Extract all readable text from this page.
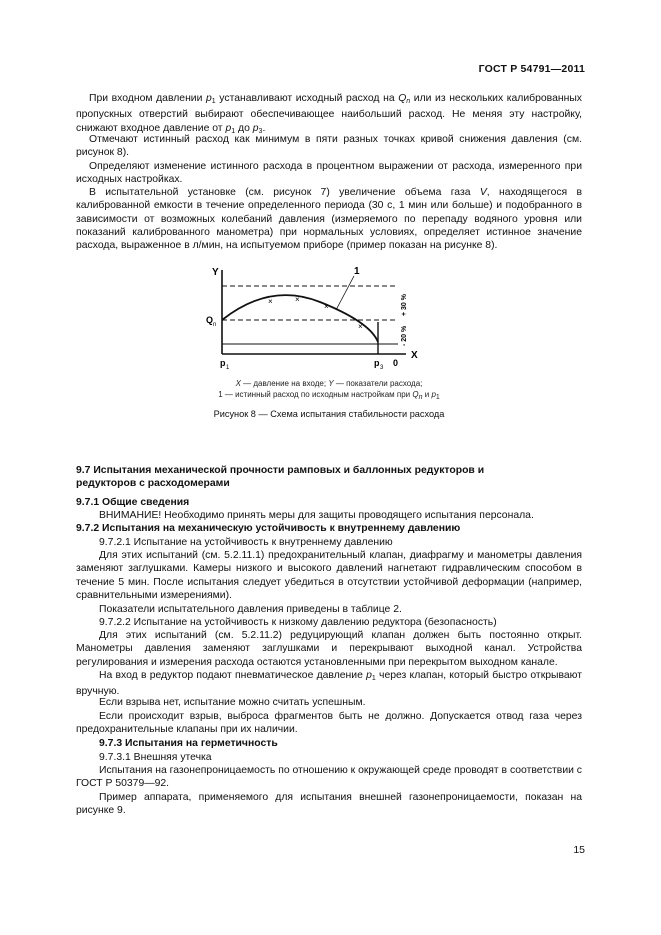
ГОСТ Р 54791—2011
При входном давлении $p_1$ устанавливают исходный расход на $Q_n$ или из нескольких калиброванных пропускных отверстий выбирают обеспечивающее наибольший расход. Не меняя эту настройку, снижают входное давление от $p_1$ до $p_3$.
Отмечают истинный расход как минимум в пяти разных точках кривой снижения давления (см. рисунок 8).
Определяют изменение истинного расхода в процентном выражении от расхода, измеренного при исходных настройках.
В испытательной установке (см. рисунок 7) увеличение объема газа V, находящегося в калиброванной емкости в течение определенного периода (30 с, 1 мин или больше) и подобранного в зависимости от возможных колебаний давления (измеряемого по перепаду водяного уровня или показаний калиброванного манометра) при нормальных условиях, определяет истинное значение расхода, выраженное в л/мин, на испытуемом приборе (пример показан на рисунке 8).
×	×
×
×
1
Y
X
Q n
p 1	p 3 0
+ 30 %
- 20 %
X — давление на входе; Y — показатели расхода;
1 — истинный расход по исходным настройкам при Qn и p1
Рисунок 8 — Схема испытания стабильности расхода
9.7 Испытания механической прочности рамповых и баллонных редукторов и редукторов с расходомерами
9.7.1 Общие сведения
ВНИМАНИЕ! Необходимо принять меры для защиты проводящего испытания персонала.
9.7.2 Испытания на механическую устойчивость к внутреннему давлению
9.7.2.1 Испытание на устойчивость к внутреннему давлению
Для этих испытаний (см. 5.2.11.1) предохранительный клапан, диафрагму и манометры давления заменяют заглушками. Камеры низкого и высокого давлений нагнетают гидравлическим способом в течение 5 мин. После испытания следует убедиться в отсутствии устойчивой деформации (например, сравнительными измерениями).
Показатели испытательного давления приведены в таблице 2.
9.7.2.2 Испытание на устойчивость к низкому давлению редуктора (безопасность)
Для этих испытаний (см. 5.2.11.2) редуцирующий клапан должен быть постоянно открыт. Манометры давления заменяют заглушками и перекрывают выходной канал. Устройства регулирования и измерения расхода остаются установленными при перекрытом выходном канале.
На вход в редуктор подают пневматическое давление $p_1$ через клапан, который быстро открывают вручную.
Если взрыва нет, испытание можно считать успешным.
Если происходит взрыв, выброса фрагментов быть не должно. Допускается отвод газа через предохранительные клапаны при их наличии.
9.7.3 Испытания на герметичность
9.7.3.1 Внешняя утечка
Испытания на газонепроницаемость по отношению к окружающей среде проводят в соответствии с ГОСТ Р 50379—92.
Пример аппарата, применяемого для испытания внешней газонепроницаемости, показан на рисунке 9.
15
